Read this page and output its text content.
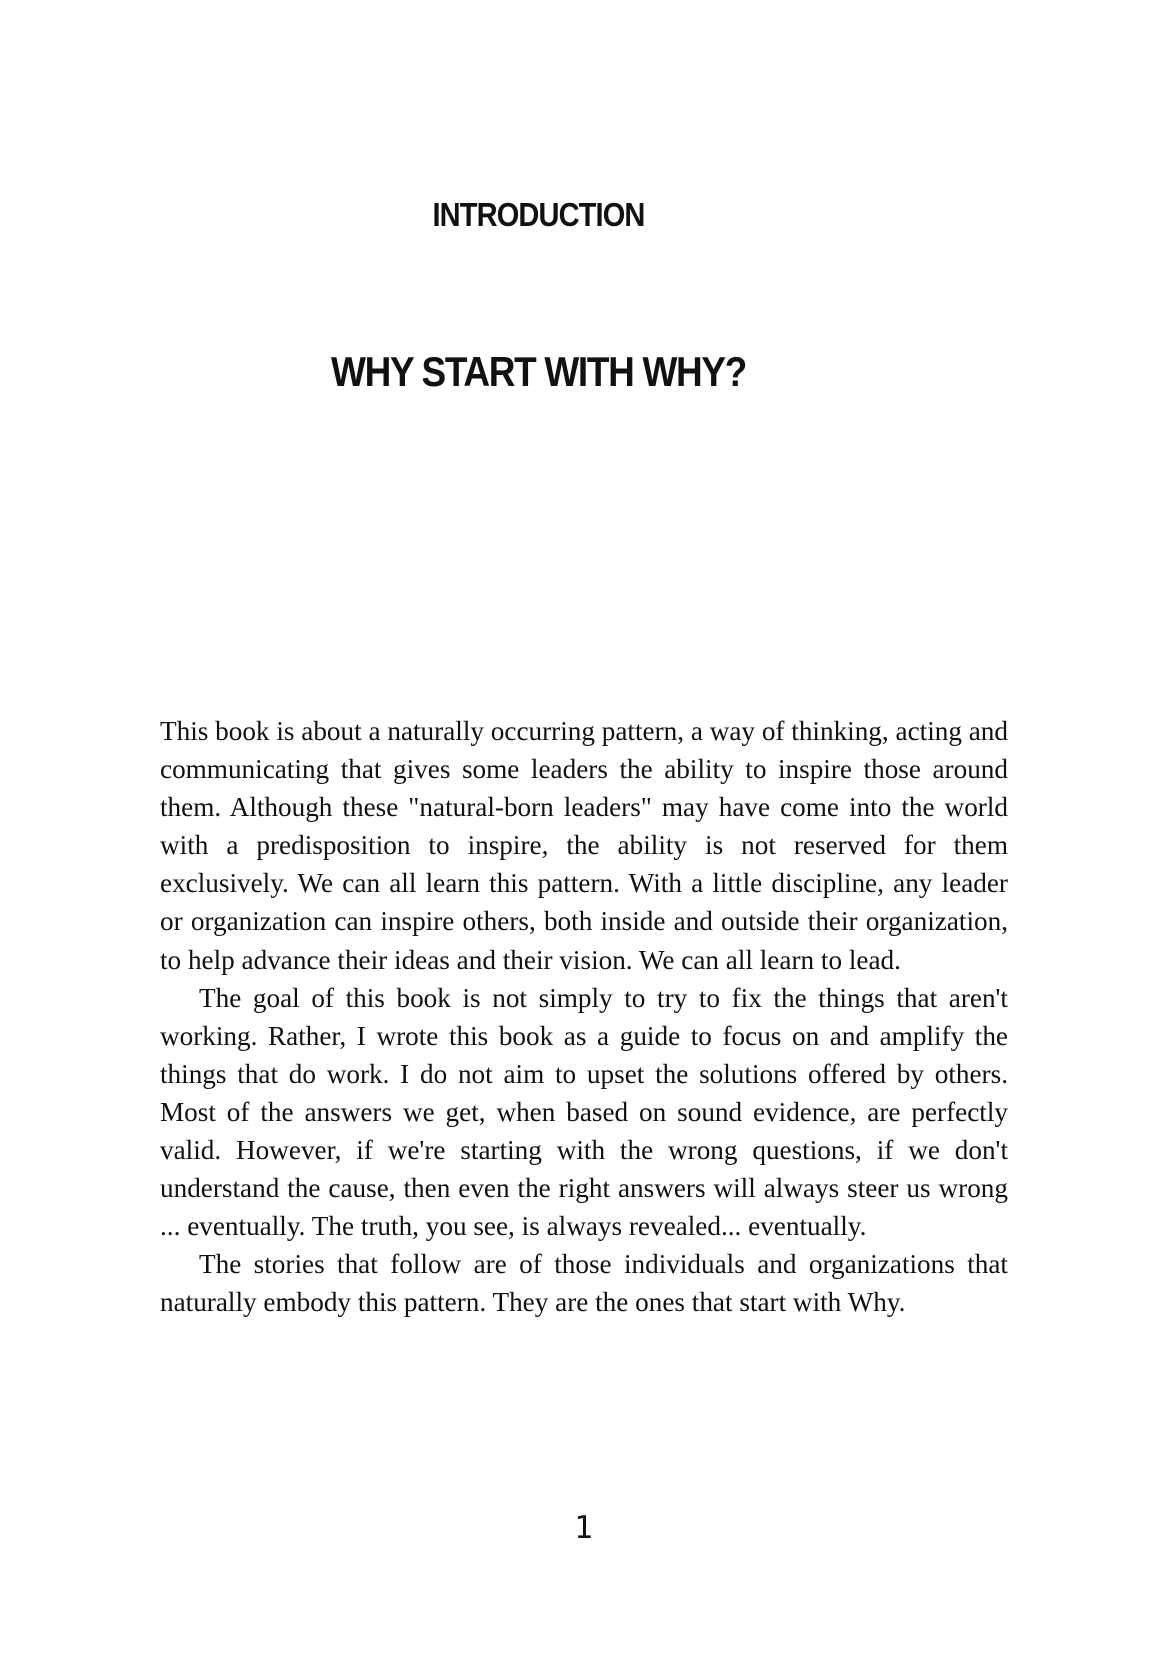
INTRODUCTION
WHY START WITH WHY?

This book is about a naturally occurring pattern, a way of thinking, acting and communicating that gives some leaders the ability to inspire those around them. Although these "natural-born leaders" may have come into the world with a predisposition to inspire, the ability is not reserved for them exclusively. We can all learn this pattern. With a little discipline, any leader or organization can inspire others, both inside and outside their organization, to help advance their ideas and their vision. We can all learn to lead.

The goal of this book is not simply to try to fix the things that aren't working. Rather, I wrote this book as a guide to focus on and amplify the things that do work. I do not aim to upset the solutions offered by others. Most of the answers we get, when based on sound evidence, are perfectly valid. However, if we're starting with the wrong questions, if we don't understand the cause, then even the right answers will always steer us wrong ... eventually. The truth, you see, is always revealed... eventually.

The stories that follow are of those individuals and organizations that naturally embody this pattern. They are the ones that start with Why.

1
